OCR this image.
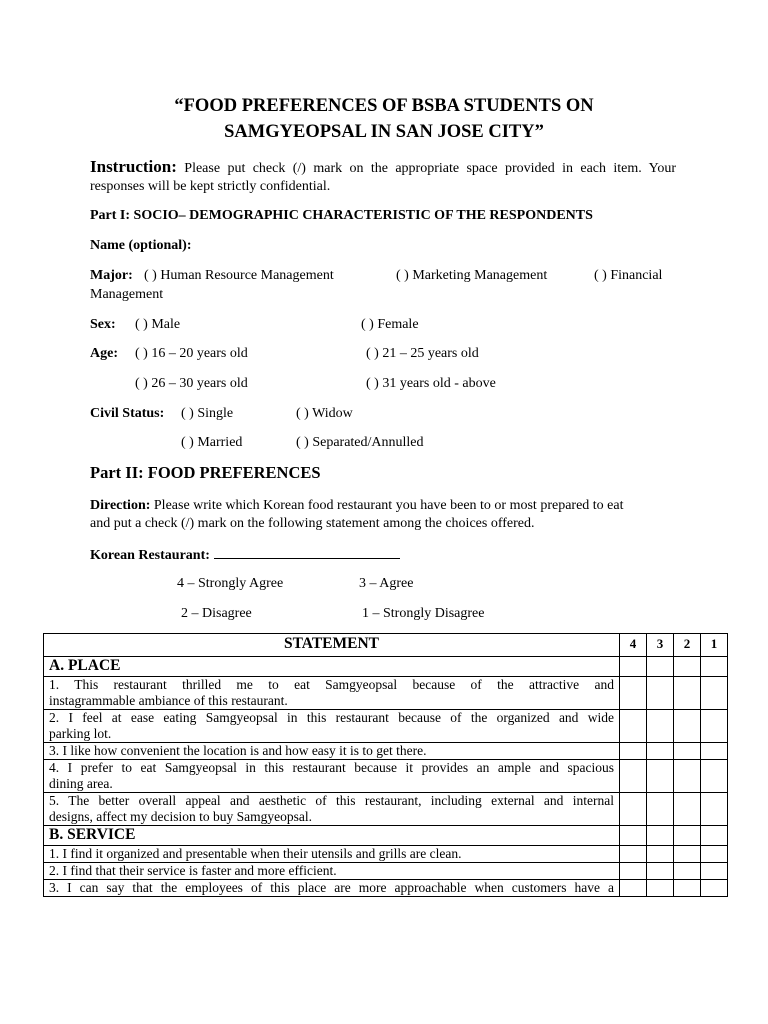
“FOOD PREFERENCES OF BSBA STUDENTS ON
SAMGYEOPSAL IN SAN JOSE CITY”
Instruction: Please put check (/) mark on the appropriate space provided in each item. Your
responses will be kept strictly confidential.
Part I: SOCIO– DEMOGRAPHIC CHARACTERISTIC OF THE RESPONDENTS
Name (optional):
Major: ( ) Human Resource Management	( ) Marketing Management	( ) Financial
Management
Sex: ( ) Male	( ) Female
Age: ( ) 16 – 20 years old	( ) 21 – 25 years old
( ) 26 – 30 years old	( ) 31 years old - above
Civil Status: ( ) Single	( ) Widow
( ) Married	( ) Separated/Annulled
Part II: FOOD PREFERENCES
Direction: Please write which Korean food restaurant you have been to or most prepared to eat
and put a check (/) mark on the following statement among the choices offered.
Korean Restaurant:
4 – Strongly Agree	3 – Agree
2 – Disagree	1 – Strongly Disagree
STATEMENT	4	3	2	1
A. PLACE				

1. This restaurant thrilled me to eat Samgyeopsal because of the attractive and
instagrammable ambiance of this restaurant.				

2. I feel at ease eating Samgyeopsal in this restaurant because of the organized and wide
parking lot.				

3. I like how convenient the location is and how easy it is to get there.				

4. I prefer to eat Samgyeopsal in this restaurant because it provides an ample and spacious
dining area.				

5. The better overall appeal and aesthetic of this restaurant, including external and internal
designs, affect my decision to buy Samgyeopsal.				

B. SERVICE				

1. I find it organized and presentable when their utensils and grills are clean.				

2. I find that their service is faster and more efficient.				

3. I can say that the employees of this place are more approachable when customers have a				
